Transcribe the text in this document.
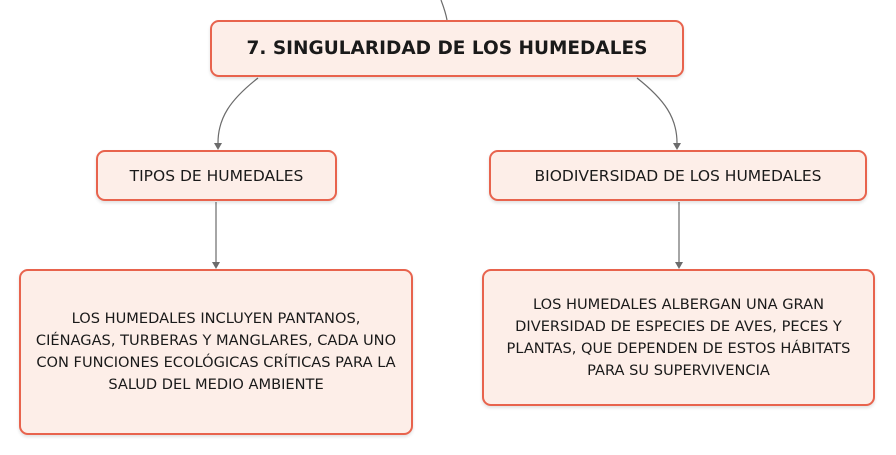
7. SINGULARIDAD DE LOS HUMEDALES
TIPOS DE HUMEDALES	BIODIVERSIDAD DE LOS HUMEDALES
LOS HUMEDALES INCLUYEN PANTANOS, CIÉNAGAS, TURBERAS Y MANGLARES, CADA UNO CON FUNCIONES ECOLÓGICAS CRÍTICAS PARA LA SALUD DEL MEDIO AMBIENTE
LOS HUMEDALES ALBERGAN UNA GRAN DIVERSIDAD DE ESPECIES DE AVES, PECES Y PLANTAS, QUE DEPENDEN DE ESTOS HÁBITATS PARA SU SUPERVIVENCIA
